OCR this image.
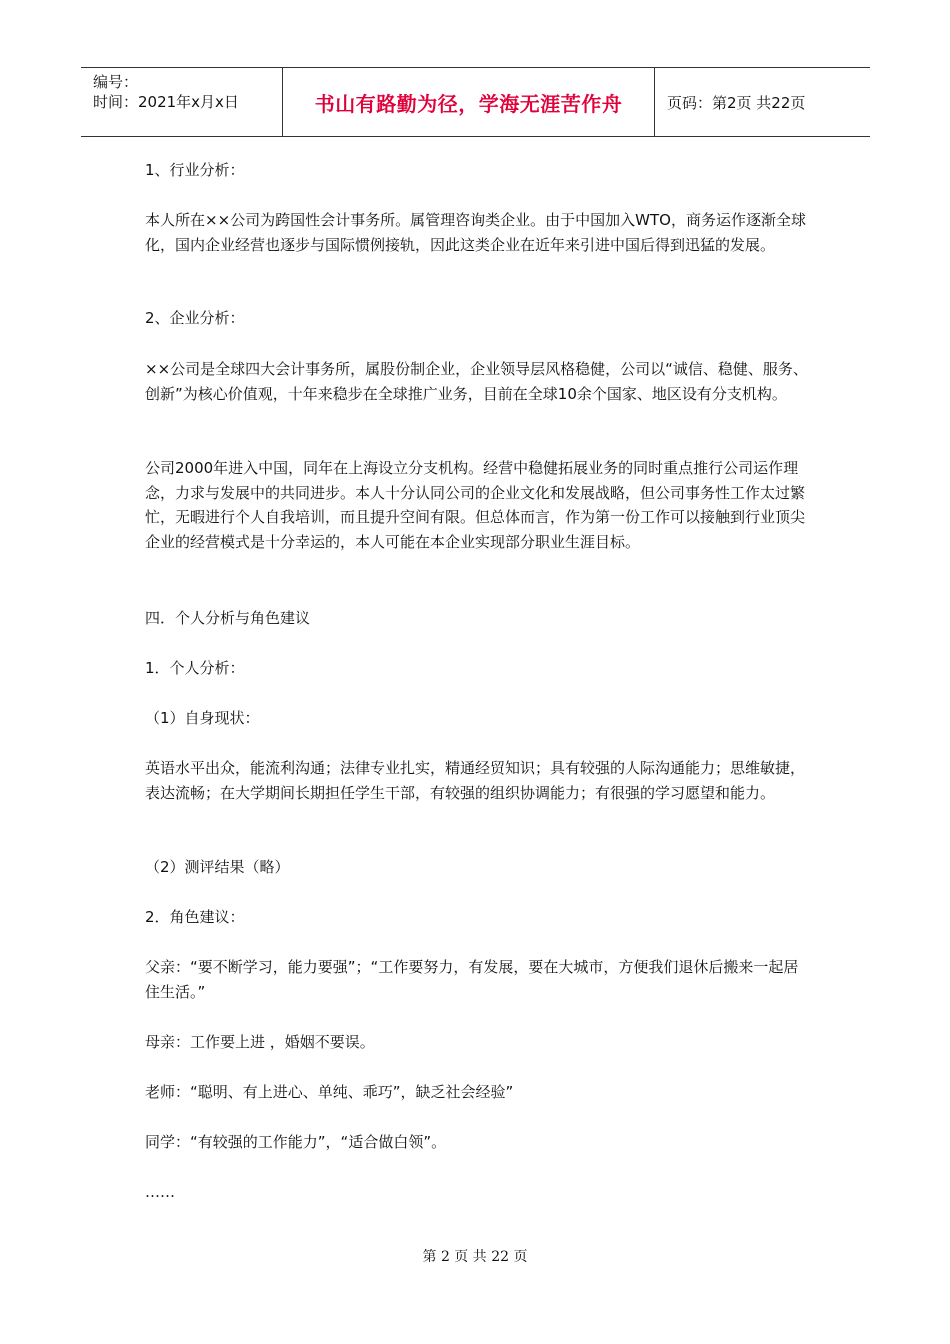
编号：
时间：2021年x月x日	书山有路勤为径，学海无涯苦作舟	页码：第2页 共22页

1、行业分析：

本人所在××公司为跨国性会计事务所。属管理咨询类企业。由于中国加入WTO，商务运作逐渐全球化，国内企业经营也逐步与国际惯例接轨，因此这类企业在近年来引进中国后得到迅猛的发展。

2、企业分析：

××公司是全球四大会计事务所，属股份制企业，企业领导层风格稳健，公司以“诚信、稳健、服务、创新”为核心价值观，十年来稳步在全球推广业务，目前在全球10余个国家、地区设有分支机构。

公司2000年进入中国，同年在上海设立分支机构。经营中稳健拓展业务的同时重点推行公司运作理念，力求与发展中的共同进步。本人十分认同公司的企业文化和发展战略，但公司事务性工作太过繁忙，无暇进行个人自我培训，而且提升空间有限。但总体而言，作为第一份工作可以接触到行业顶尖企业的经营模式是十分幸运的，本人可能在本企业实现部分职业生涯目标。

四．个人分析与角色建议

1．个人分析：

（1）自身现状：

英语水平出众，能流利沟通；法律专业扎实，精通经贸知识；具有较强的人际沟通能力；思维敏捷，表达流畅；在大学期间长期担任学生干部，有较强的组织协调能力；有很强的学习愿望和能力。

（2）测评结果（略）

2．角色建议：

父亲：“要不断学习，能力要强”；“工作要努力，有发展，要在大城市，方便我们退休后搬来一起居住生活。”

母亲：工作要上进 ，婚姻不要误。

老师：“聪明、有上进心、单纯、乖巧”，缺乏社会经验”

同学：“有较强的工作能力”，“适合做白领”。

……

第 2 页 共 22 页
